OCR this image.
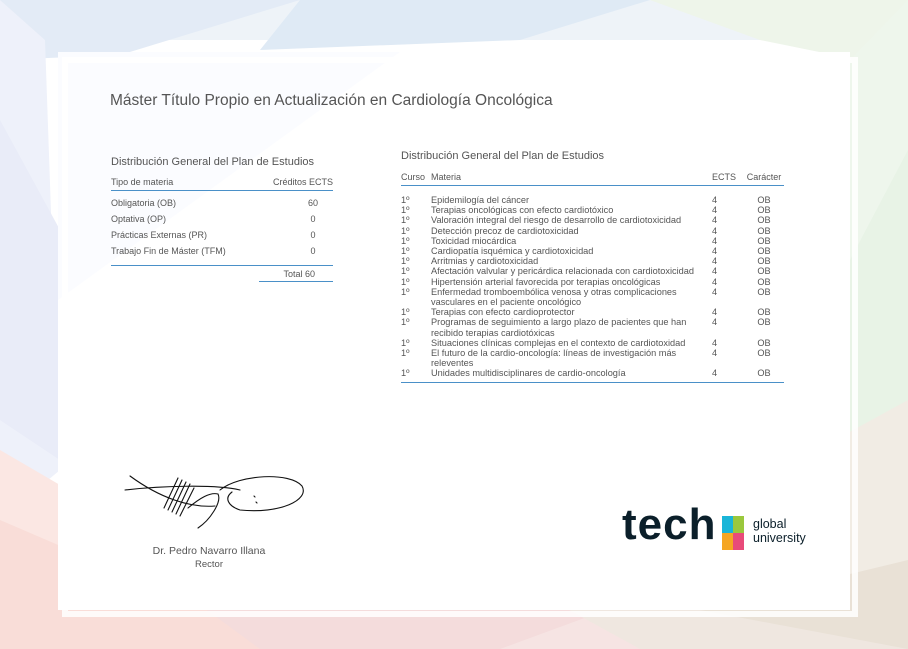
Máster Título Propio en Actualización en Cardiología Oncológica
Distribución General del Plan de Estudios
Tipo de materia	Créditos ECTS
Obligatoria (OB)	60
Optativa (OP)	0
Prácticas Externas (PR)	0
Trabajo Fin de Máster (TFM)	0
Total 60
Distribución General del Plan de Estudios
Curso	Materia	ECTS	Carácter
1º	Epidemilogía del cáncer	4	OB
1º	Terapias oncológicas con efecto cardiotóxico	4	OB
1º	Valoración integral del riesgo de desarrollo de cardiotoxicidad	4	OB
1º	Detección precoz de cardiotoxicidad	4	OB
1º	Toxicidad miocárdica	4	OB
1º	Cardiopatía isquémica y cardiotoxicidad	4	OB
1º	Arritmias y cardiotoxicidad	4	OB
1º	Afectación valvular y pericárdica relacionada con cardiotoxicidad	4	OB
1º	Hipertensión arterial favorecida por terapias oncológicas	4	OB
1º	Enfermedad tromboembólica venosa y otras complicaciones vasculares en el paciente oncológico	4	OB
1º	Terapias con efecto cardioprotector	4	OB
1º	Programas de seguimiento a largo plazo de pacientes que han recibido terapias cardiotóxicas	4	OB
1º	Situaciones clínicas complejas en el contexto de cardiotoxidad	4	OB
1º	El futuro de la cardio-oncología: líneas de investigación más releventes	4	OB
1º	Unidades multidisciplinares de cardio-oncología	4	OB
Dr. Pedro Navarro Illana
Rector
tech	global
university
